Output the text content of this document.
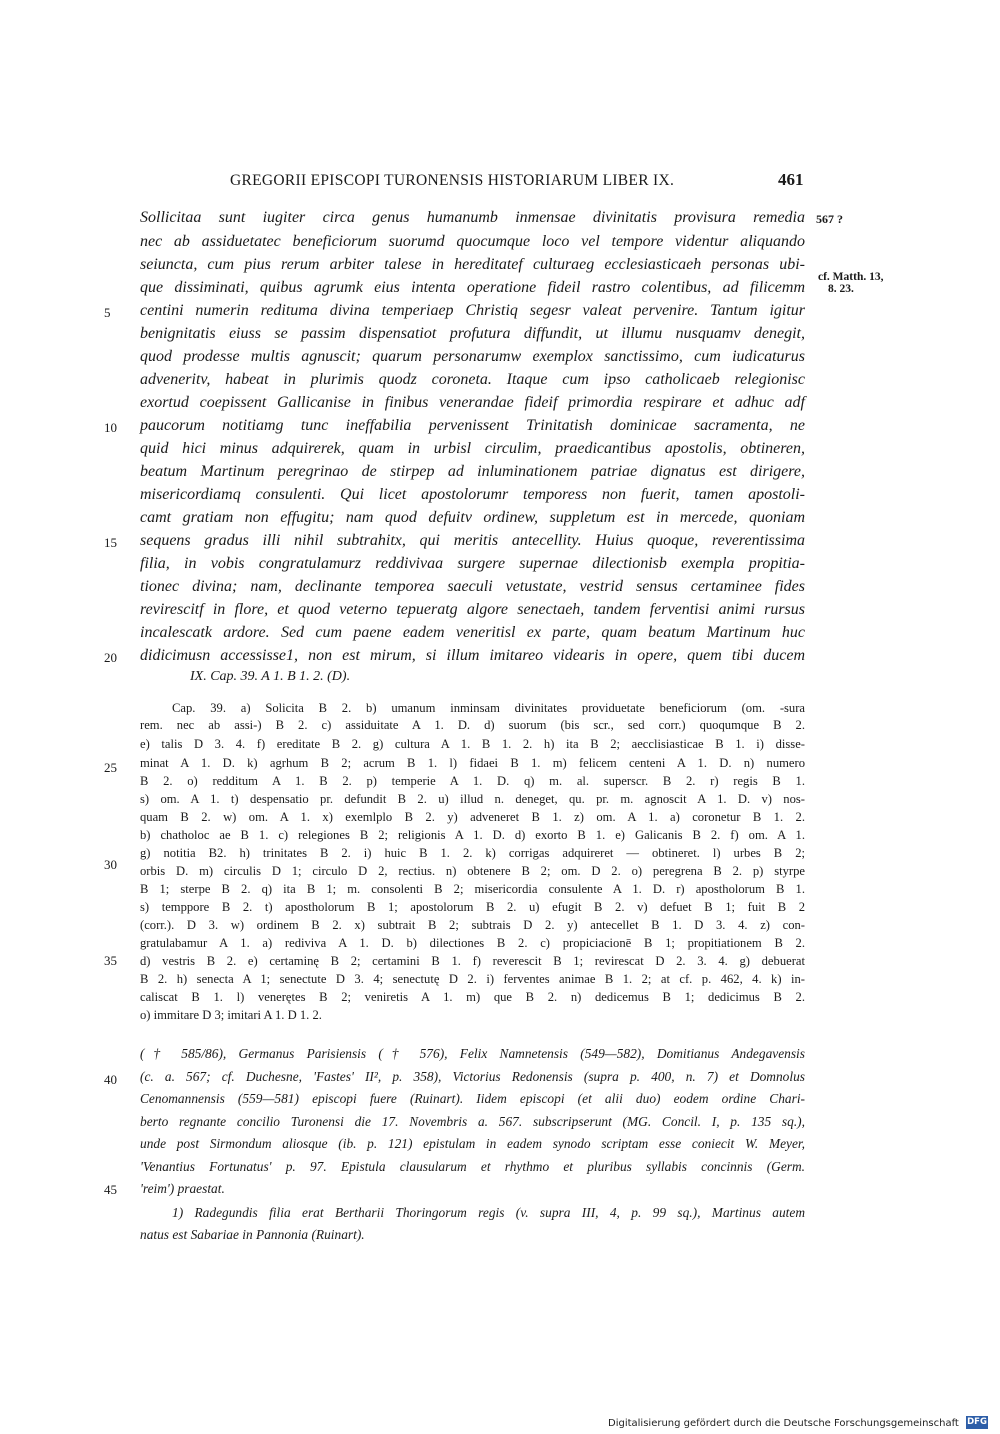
GREGORII EPISCOPI TURONENSIS HISTORIARUM LIBER IX.	461
567 ?
cf. Matth. 13,
8. 23.
Sollicitaa sunt iugiter circa genus humanumb inmensae divinitatis provisura remedia
nec ab assiduetatec beneficiorum suorumd quocumque loco vel tempore videntur aliquando
seiuncta, cum pius rerum arbiter talese in hereditatef culturaeg ecclesiasticaeh personas ubi-
que dissiminati, quibus agrumk eius intenta operatione fideil rastro colentibus, ad filicemm
centini numerin redituma divina temperiaep Christiq segesr valeat pervenire. Tantum igitur
benignitatis eiuss se passim dispensatiot profutura diffundit, ut illumu nusquamv denegit,
quod prodesse multis agnuscit; quarum personarumw exemplox sanctissimo, cum iudicaturus
adveneritv, habeat in plurimis quodz coroneta. Itaque cum ipso catholicaeb relegionisc
exortud coepissent Gallicanise in finibus venerandae fideif primordia respirare et adhuc adf
paucorum notitiamg tunc ineffabilia pervenissent Trinitatish dominicae sacramenta, ne
quid hici minus adquirerek, quam in urbisl circulim, praedicantibus apostolis, obtineren,
beatum Martinum peregrinao de stirpep ad inluminationem patriae dignatus est dirigere,
misericordiamq consulenti. Qui licet apostolorumr temporess non fuerit, tamen apostoli-
camt gratiam non effugitu; nam quod defuitv ordinew, suppletum est in mercede, quoniam
sequens gradus illi nihil subtrahitx, qui meritis antecellity. Huius quoque, reverentissima
filia, in vobis congratulamurz reddivivaa surgere supernae dilectionisb exempla propitia-
tionec divina; nam, declinante temporea saeculi vetustate, vestrid sensus certaminee fides
revirescitf in flore, et quod veterno tepueratg algore senectaeh, tandem ferventisi animi rursus
incalescatk ardore. Sed cum paene eadem veneritisl ex parte, quam beatum Martinum huc
didicimusn accessisse1, non est mirum, si illum imitareo videaris in opere, quem tibi ducem
5
10
15
20
25
30
35
40
45
IX. Cap. 39. A 1. B 1. 2. (D).
Cap. 39. a) Solicita B 2. b) umanum inminsam divinitates providuetate beneficiorum (om. -sura
rem. nec ab assi-) B 2. c) assiduitate A 1. D. d) suorum (bis scr., sed corr.) quoqumque B 2.
e) talis D 3. 4. f) ereditate B 2. g) cultura A 1. B 1. 2. h) ita B 2; aecclisiasticae B 1. i) disse-
minat A 1. D. k) agrhum B 2; acrum B 1. l) fidaei B 1. m) felicem centeni A 1. D. n) numero
B 2. o) redditum A 1. B 2. p) temperie A 1. D. q) m. al. superscr. B 2. r) regis B 1.
s) om. A 1. t) despensatio pr. defundit B 2. u) illud n. deneget, qu. pr. m. agnoscit A 1. D. v) nos-
quam B 2. w) om. A 1. x) exemlplo B 2. y) adveneret B 1. z) om. A 1. a) coronetur B 1. 2.
b) chatholoc ae B 1. c) relegiones B 2; religionis A 1. D. d) exorto B 1. e) Galicanis B 2. f) om. A 1.
g) notitia B2. h) trinitates B 2. i) huic B 1. 2. k) corrigas adquireret — obtineret. l) urbes B 2;
orbis D. m) circulis D 1; circulo D 2, rectius. n) obtenere B 2; om. D 2. o) peregrena B 2. p) styrpe
B 1; sterpe B 2. q) ita B 1; m. consolenti B 2; misericordia consulente A 1. D. r) apostholorum B 1.
s) temppore B 2. t) apostholorum B 1; apostolorum B 2. u) efugit B 2. v) defuet B 1; fuit B 2
(corr.). D 3. w) ordinem B 2. x) subtrait B 2; subtrais D 2. y) antecellet B 1. D 3. 4. z) con-
gratulabamur A 1. a) rediviva A 1. D. b) dilectiones B 2. c) propiciacionē B 1; propitiationem B 2.
d) vestris B 2. e) certaminę B 2; certamini B 1. f) reverescit B 1; revirescat D 2. 3. 4. g) debuerat
B 2. h) senecta A 1; senectute D 3. 4; senectutę D 2. i) ferventes animae B 1. 2; at cf. p. 462, 4. k) in-
caliscat B 1. l) venerętes B 2; veniretis A 1. m) que B 2. n) dedicemus B 1; dedicimus B 2.
o) immitare D 3; imitari A 1. D 1. 2.
(† 585/86), Germanus Parisiensis († 576), Felix Namnetensis (549—582), Domitianus Andegavensis
(c. a. 567; cf. Duchesne, 'Fastes' II², p. 358), Victorius Redonensis (supra p. 400, n. 7) et Domnolus
Cenomannensis (559—581) episcopi fuere (Ruinart). Iidem episcopi (et alii duo) eodem ordine Chari-
berto regnante concilio Turonensi die 17. Novembris a. 567. subscripserunt (MG. Concil. I, p. 135 sq.),
unde post Sirmondum aliosque (ib. p. 121) epistulam in eadem synodo scriptam esse coniecit W. Meyer,
'Venantius Fortunatus' p. 97. Epistula clausularum et rhythmo et pluribus syllabis concinnis (Germ.
'reim') praestat.
1) Radegundis filia erat Bertharii Thoringorum regis (v. supra III, 4, p. 99 sq.), Martinus autem
natus est Sabariae in Pannonia (Ruinart).
Digitalisierung gefördert durch die Deutsche Forschungsgemeinschaft DFG
